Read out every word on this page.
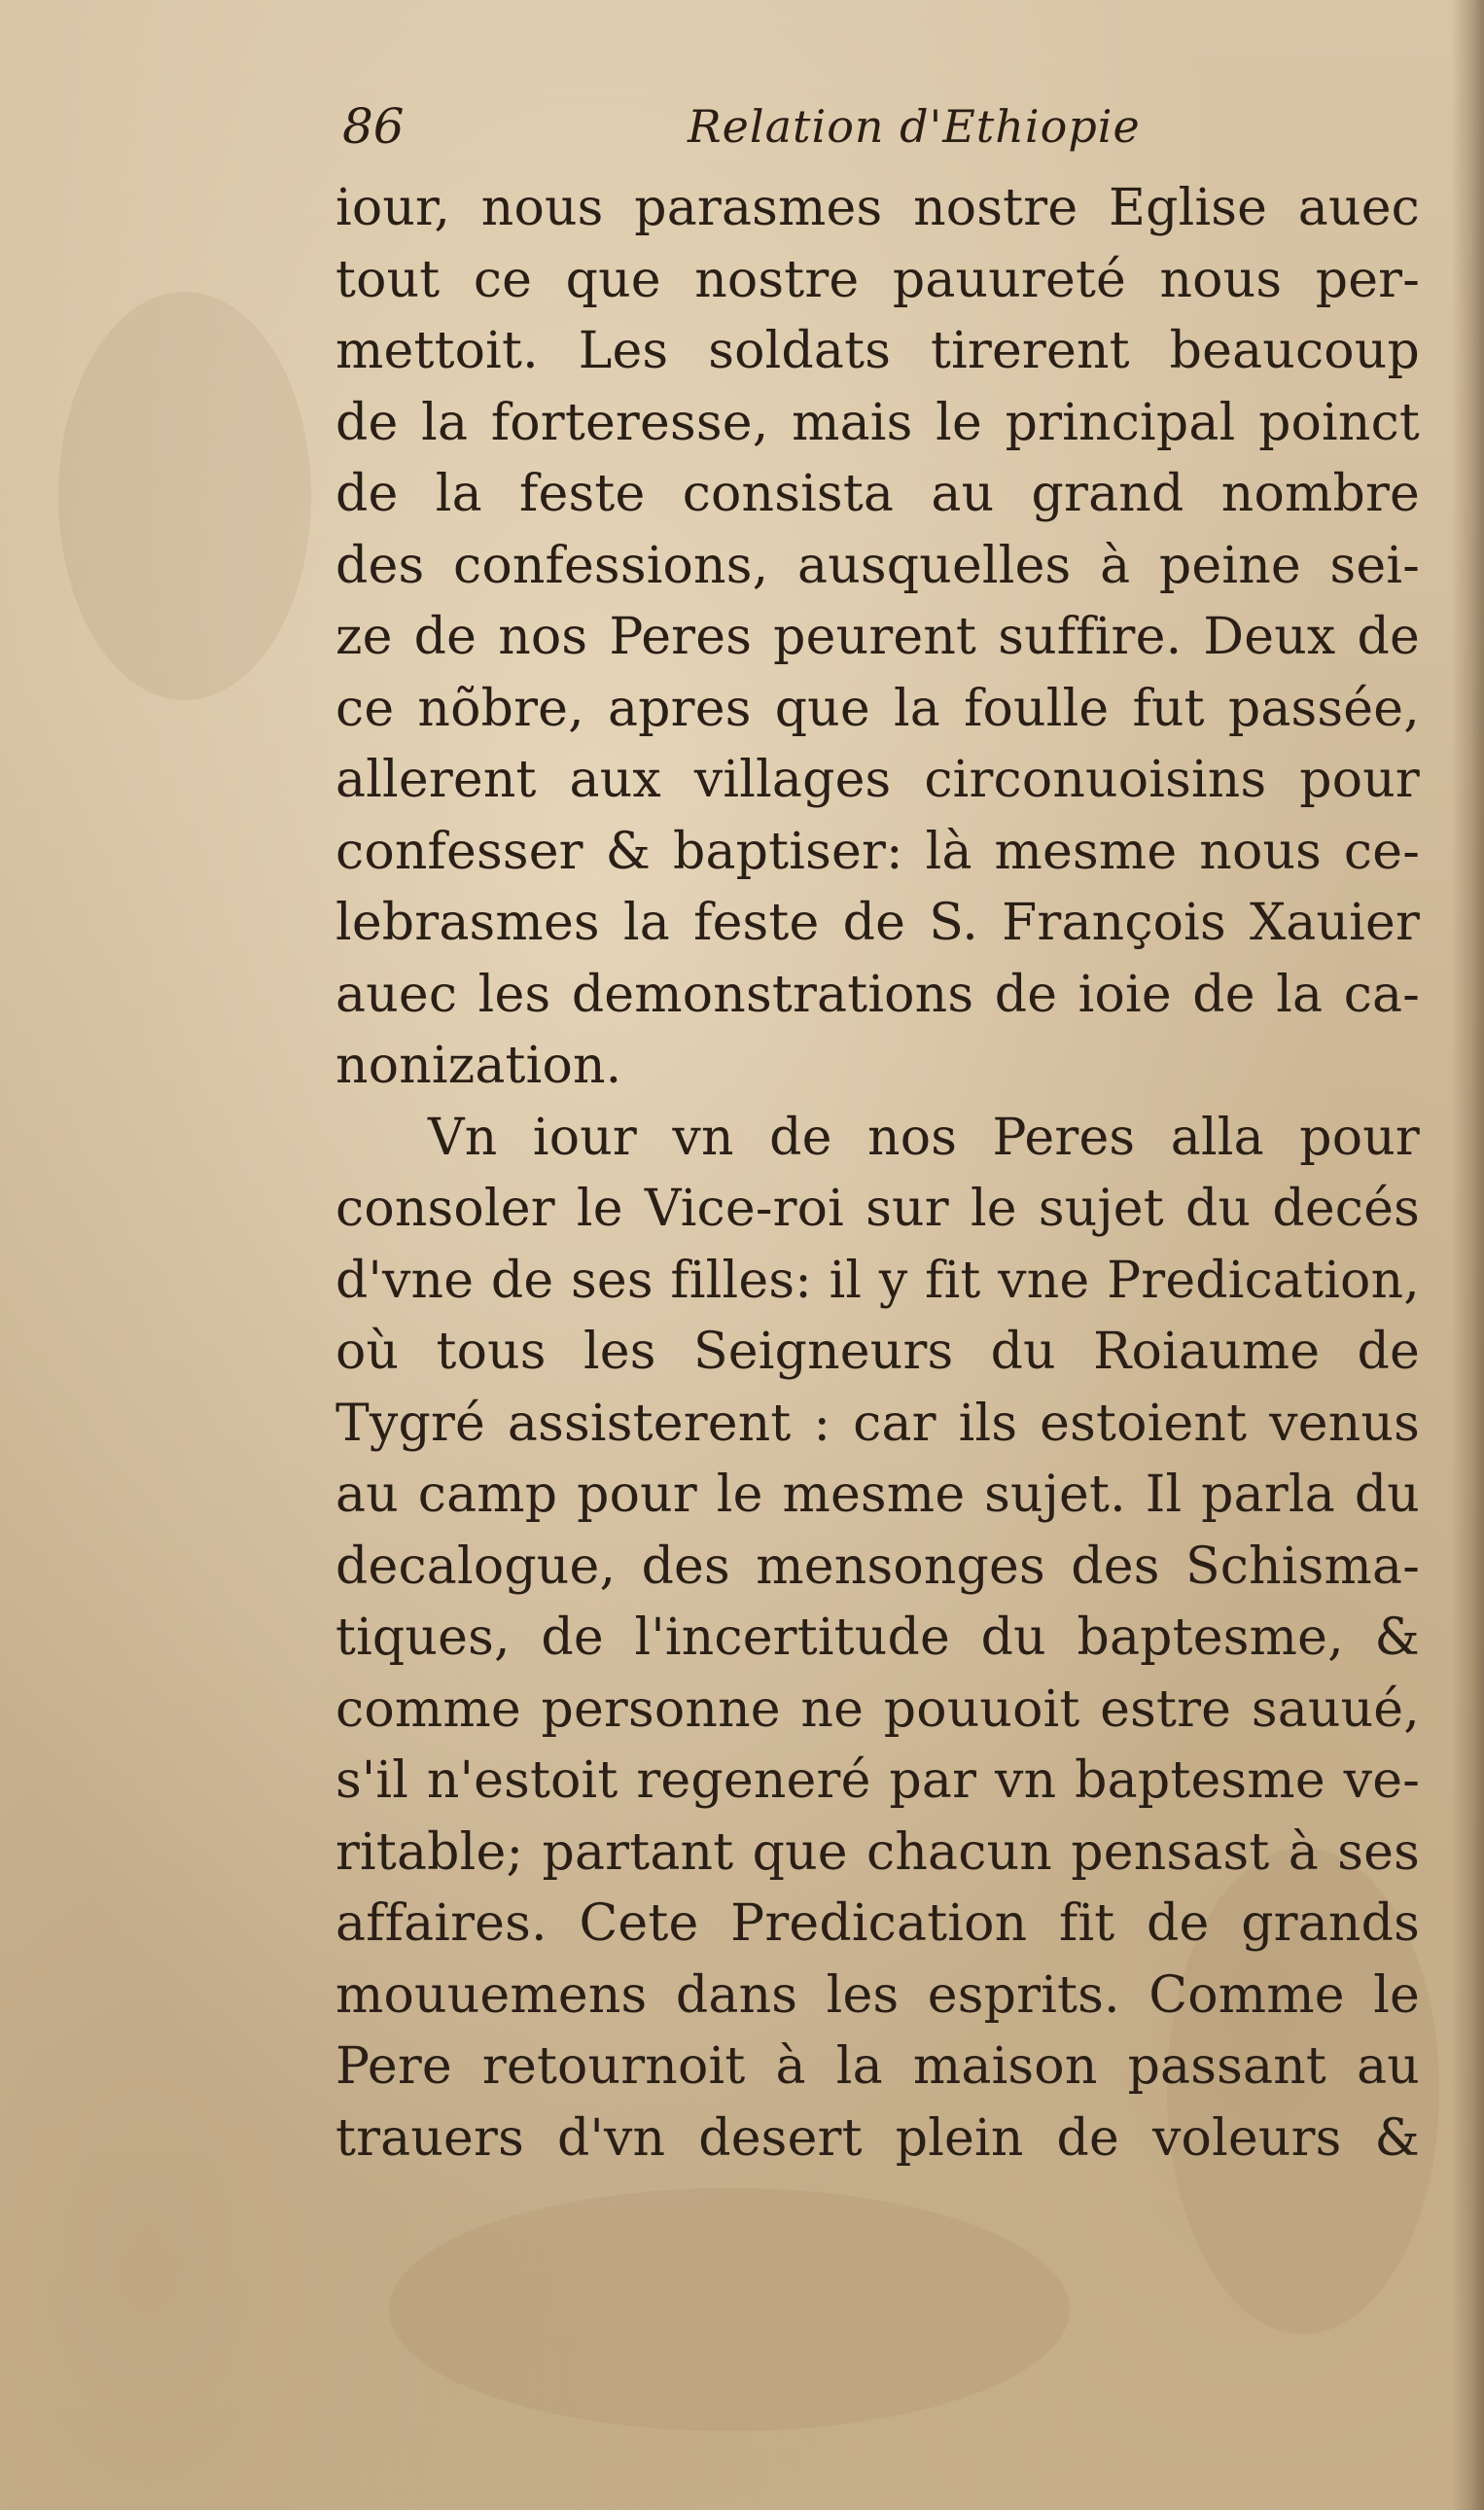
86	Relation d'Ethiopie
iour, nous parasmes nostre Eglise auec
tout ce que nostre pauureté nous per-
mettoit. Les soldats tirerent beaucoup
de la forteresse, mais le principal poinct
de la feste consista au grand nombre
des confessions, ausquelles à peine sei-
ze de nos Peres peurent suffire. Deux de
ce nõbre, apres que la foulle fut passée,
allerent aux villages circonuoisins pour
confesser & baptiser: là mesme nous ce-
lebrasmes la feste de S. François Xauier
auec les demonstrations de ioie de la ca-
nonization.
Vn iour vn de nos Peres alla pour
consoler le Vice-roi sur le sujet du decés
d'vne de ses filles: il y fit vne Predication,
où tous les Seigneurs du Roiaume de
Tygré assisterent : car ils estoient venus
au camp pour le mesme sujet. Il parla du
decalogue, des mensonges des Schisma-
tiques, de l'incertitude du baptesme, &
comme personne ne pouuoit estre sauué,
s'il n'estoit regeneré par vn baptesme ve-
ritable; partant que chacun pensast à ses
affaires. Cete Predication fit de grands
mouuemens dans les esprits. Comme le
Pere retournoit à la maison passant au
trauers d'vn desert plein de voleurs &
